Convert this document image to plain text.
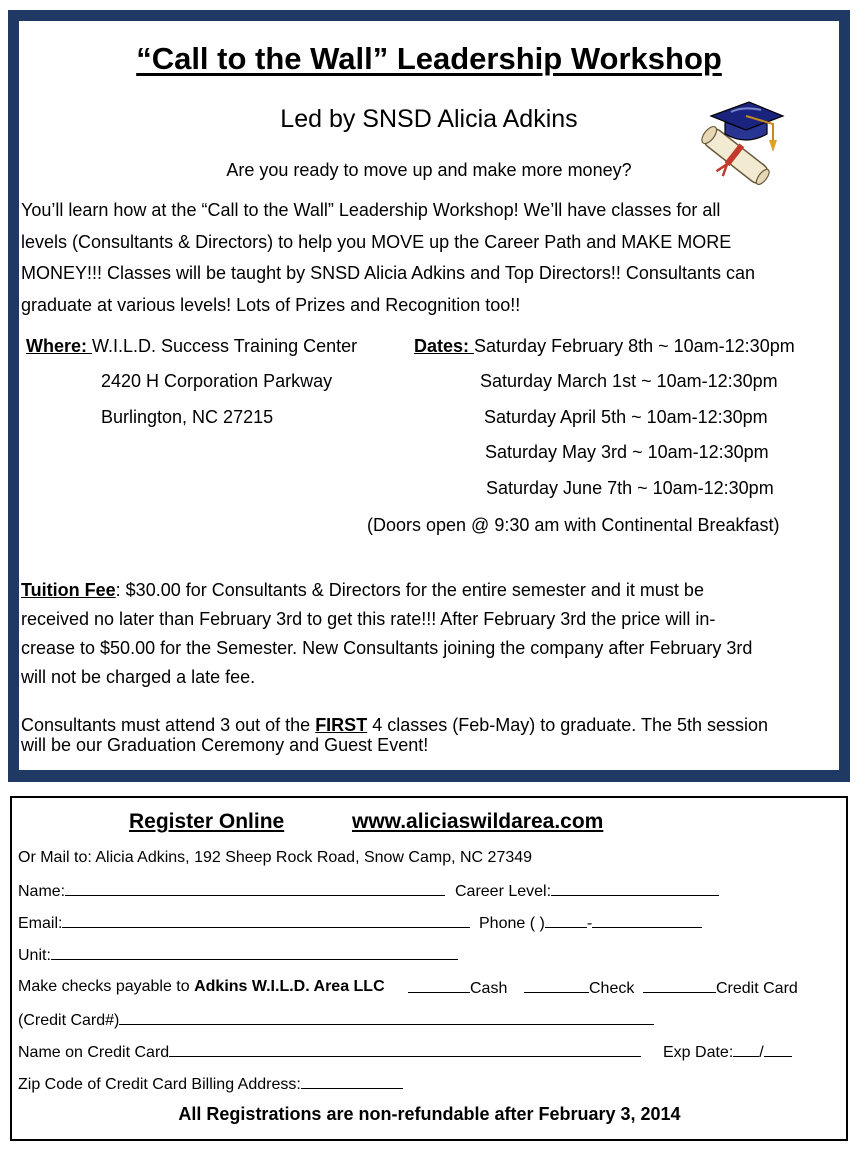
“Call to the Wall” Leadership Workshop
Led by SNSD Alicia Adkins
Are you ready to move up and make more money?
You’ll learn how at the “Call to the Wall” Leadership Workshop! We’ll have classes for all
levels (Consultants & Directors) to help you MOVE up the Career Path and MAKE MORE
MONEY!!! Classes will be taught by SNSD Alicia Adkins and Top Directors!! Consultants can
graduate at various levels! Lots of Prizes and Recognition too!!
Where: W.I.L.D. Success Training Center
2420 H Corporation Parkway
Burlington, NC 27215
Dates: Saturday February 8th ~ 10am-12:30pm
Saturday March 1st ~ 10am-12:30pm
Saturday April 5th ~ 10am-12:30pm
Saturday May 3rd ~ 10am-12:30pm
Saturday June 7th ~ 10am-12:30pm
(Doors open @ 9:30 am with Continental Breakfast)
Tuition Fee: $30.00 for Consultants & Directors for the entire semester and it must be
received no later than February 3rd to get this rate!!! After February 3rd the price will in-
crease to $50.00 for the Semester. New Consultants joining the company after February 3rd
will not be charged a late fee.
Consultants must attend 3 out of the FIRST 4 classes (Feb-May) to graduate. The 5th session
will be our Graduation Ceremony and Guest Event!
Register Online	www.aliciaswildarea.com
Or Mail to: Alicia Adkins, 192 Sheep Rock Road, Snow Camp, NC 27349
Name:	Career Level:
Email:	Phone ( )	-
Unit:
Make checks payable to Adkins W.I.L.D. Area LLC	Cash	Check	Credit Card
(Credit Card#)
Name on Credit Card	Exp Date: /
Zip Code of Credit Card Billing Address:
All Registrations are non-refundable after February 3, 2014
